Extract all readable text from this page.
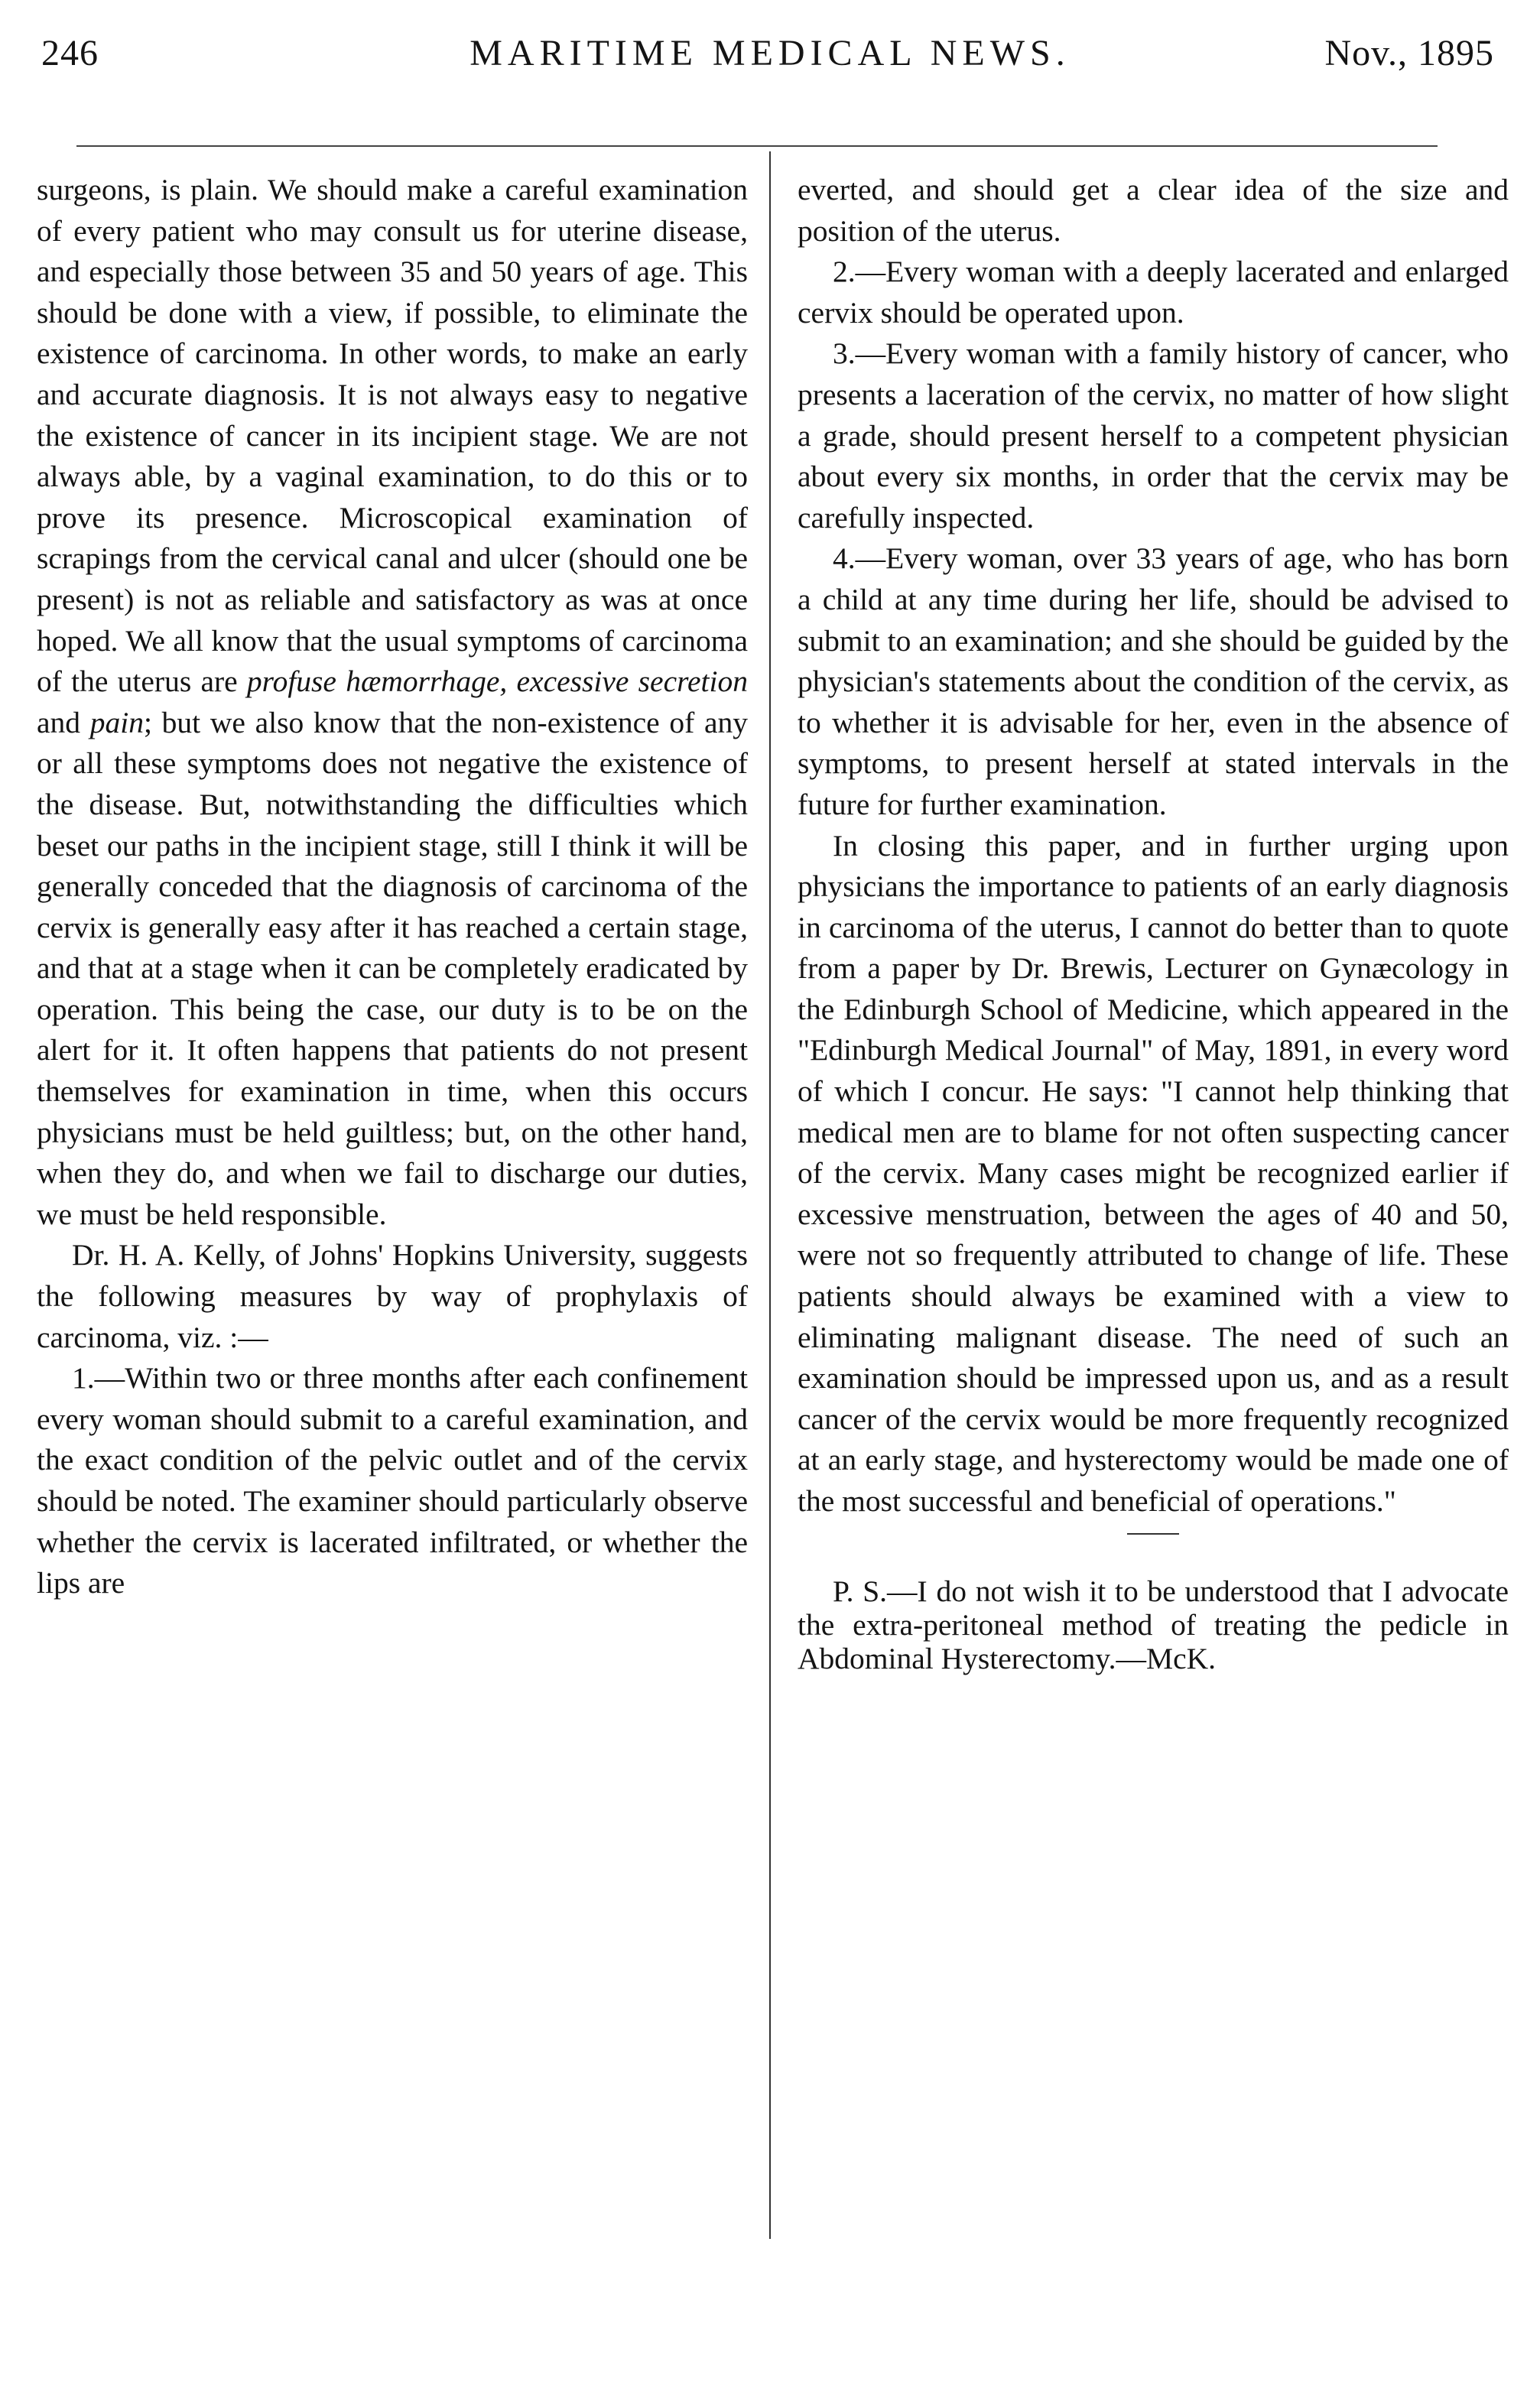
246	MARITIME MEDICAL NEWS.	Nov., 1895

surgeons, is plain. We should make a careful examination of every patient who may consult us for uterine disease, and especially those between 35 and 50 years of age. This should be done with a view, if possible, to eliminate the existence of carcinoma. In other words, to make an early and accurate diagnosis. It is not always easy to negative the existence of cancer in its incipient stage. We are not always able, by a vaginal examination, to do this or to prove its presence. Microscopical examination of scrapings from the cervical canal and ulcer (should one be present) is not as reliable and satisfactory as was at once hoped. We all know that the usual symptoms of carcinoma of the uterus are profuse hæmorrhage, excessive secretion and pain; but we also know that the non-existence of any or all these symptoms does not negative the existence of the disease. But, notwithstanding the difficulties which beset our paths in the incipient stage, still I think it will be generally conceded that the diagnosis of carcinoma of the cervix is generally easy after it has reached a certain stage, and that at a stage when it can be completely eradicated by operation. This being the case, our duty is to be on the alert for it. It often happens that patients do not present themselves for examination in time, when this occurs physicians must be held guiltless; but, on the other hand, when they do, and when we fail to discharge our duties, we must be held responsible.

Dr. H. A. Kelly, of Johns' Hopkins University, suggests the following measures by way of prophylaxis of carcinoma, viz. :—

1.—Within two or three months after each confinement every woman should submit to a careful examination, and the exact condition of the pelvic outlet and of the cervix should be noted. The examiner should particularly observe whether the cervix is lacerated infiltrated, or whether the lips are

everted, and should get a clear idea of the size and position of the uterus.

2.—Every woman with a deeply lacerated and enlarged cervix should be operated upon.

3.—Every woman with a family history of cancer, who presents a laceration of the cervix, no matter of how slight a grade, should present herself to a competent physician about every six months, in order that the cervix may be carefully inspected.

4.—Every woman, over 33 years of age, who has born a child at any time during her life, should be advised to submit to an examination; and she should be guided by the physician's statements about the condition of the cervix, as to whether it is advisable for her, even in the absence of symptoms, to present herself at stated intervals in the future for further examination.

In closing this paper, and in further urging upon physicians the importance to patients of an early diagnosis in carcinoma of the uterus, I cannot do better than to quote from a paper by Dr. Brewis, Lecturer on Gynæcology in the Edinburgh School of Medicine, which appeared in the "Edinburgh Medical Journal" of May, 1891, in every word of which I concur. He says: "I cannot help thinking that medical men are to blame for not often suspecting cancer of the cervix. Many cases might be recognized earlier if excessive menstruation, between the ages of 40 and 50, were not so frequently attributed to change of life. These patients should always be examined with a view to eliminating malignant disease. The need of such an examination should be impressed upon us, and as a result cancer of the cervix would be more frequently recognized at an early stage, and hysterectomy would be made one of the most successful and beneficial of operations."

P. S.—I do not wish it to be understood that I advocate the extra-peritoneal method of treating the pedicle in Abdominal Hysterectomy.—McK.
